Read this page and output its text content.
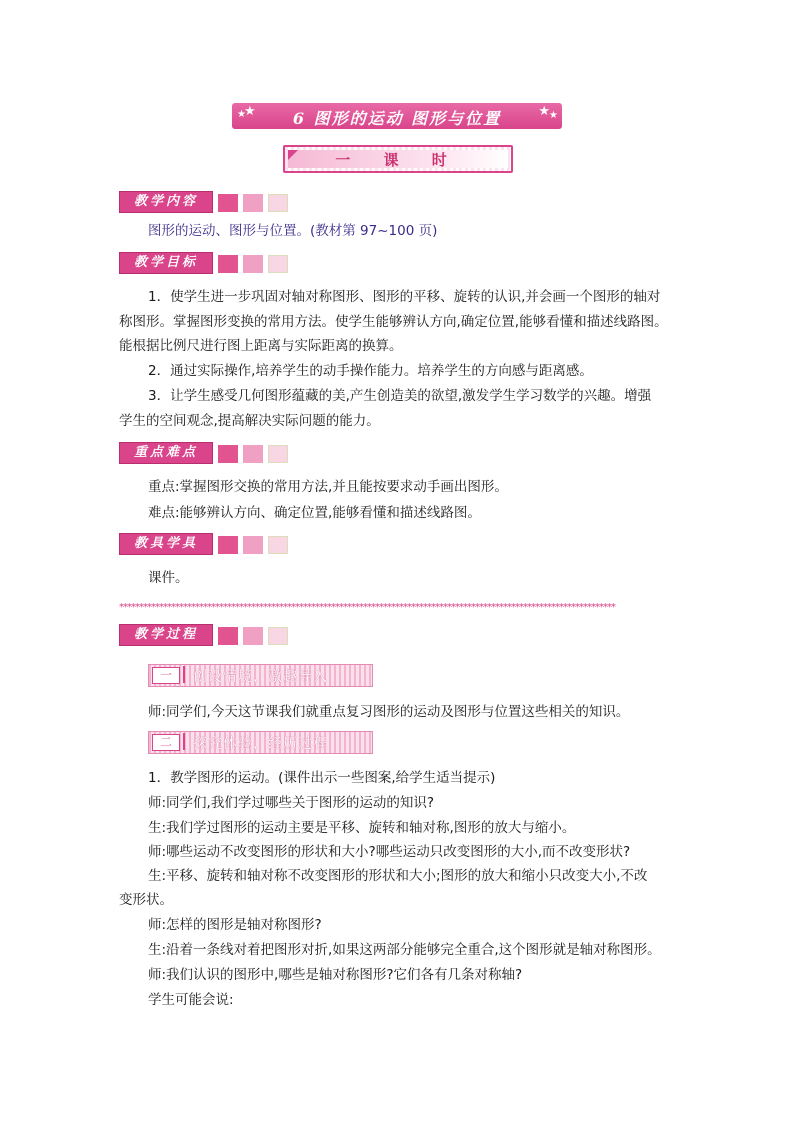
★
★	6 图形的运动 图形与位置	★ ★
一 课 时
教学内容
图形的运动、图形与位置。(教材第 97~100 页)
教学目标
1．使学生进一步巩固对轴对称图形、图形的平移、旋转的认识,并会画一个图形的轴对
称图形。掌握图形变换的常用方法。使学生能够辨认方向,确定位置,能够看懂和描述线路图。
能根据比例尺进行图上距离与实际距离的换算。
2．通过实际操作,培养学生的动手操作能力。培养学生的方向感与距离感。
3．让学生感受几何图形蕴藏的美,产生创造美的欲望,激发学生学习数学的兴趣。增强
学生的空间观念,提高解决实际问题的能力。
重点难点
重点:掌握图形交换的常用方法,并且能按要求动手画出图形。
难点:能够辨认方向、确定位置,能够看懂和描述线路图。
教具学具
课件。
****************************************************************************************************************************
教学过程
一	创设情境，激趣导入
师:同学们,今天这节课我们就重点复习图形的运动及图形与位置这些相关的知识。
二	探究体验，经历过程
1．教学图形的运动。(课件出示一些图案,给学生适当提示)
师:同学们,我们学过哪些关于图形的运动的知识?
生:我们学过图形的运动主要是平移、旋转和轴对称,图形的放大与缩小。
师:哪些运动不改变图形的形状和大小?哪些运动只改变图形的大小,而不改变形状?
生:平移、旋转和轴对称不改变图形的形状和大小;图形的放大和缩小只改变大小,不改
变形状。
师:怎样的图形是轴对称图形?
生:沿着一条线对着把图形对折,如果这两部分能够完全重合,这个图形就是轴对称图形。
师:我们认识的图形中,哪些是轴对称图形?它们各有几条对称轴?
学生可能会说:
